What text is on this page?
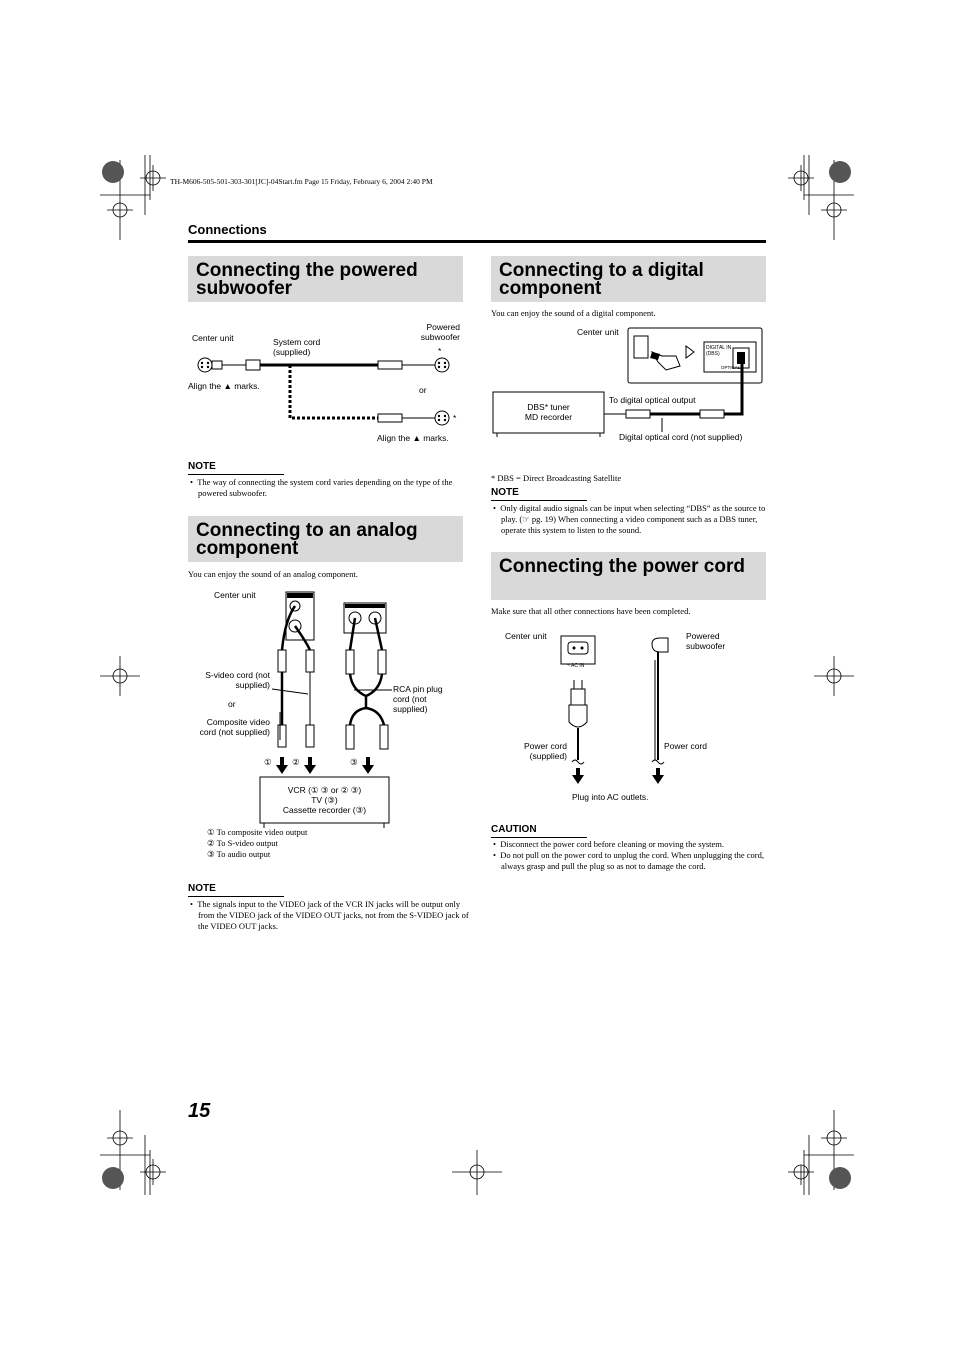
TH-M606-505-501-303-301[JC]-04Start.fm Page 15 Friday, February 6, 2004 2:40 PM
Connections
Connecting the powered subwoofer
Center unit	System cord (supplied)
Powered subwoofer
*
Align the ▲ marks.	or
*
Align the ▲ marks.
NOTE
•  The way of connecting the system cord varies depending on the type of the powered subwoofer.
Connecting to an analog component
You can enjoy the sound of an analog component.
Center unit
S-video cord (not supplied)
or
Composite video cord (not supplied)
RCA pin plug cord (not supplied)
① ②	③
VCR (① ③ or ② ③)
TV (③)
Cassette recorder (③)
① To composite video output
② To S-video output
③ To audio output
NOTE
•  The signals input to the VIDEO jack of the VCR IN jacks will be output only from the VIDEO jack of the VIDEO OUT jacks, not from the S-VIDEO jack of the VIDEO OUT jacks.
Connecting to a digital component
You can enjoy the sound of a digital component.
Center unit
DIGITAL IN (DBS)
OPTICAL
DBS* tuner
MD recorder
To digital optical output
Digital optical cord (not supplied)
* DBS = Direct Broadcasting Satellite
NOTE
•  Only digital audio signals can be input when selecting “DBS” as the source to play. (☞ pg. 19) When connecting a video component such as a DBS tuner, operate this system to listen to the sound.
Connecting the power cord
Make sure that all other connections have been completed.
Center unit
~ AC IN
Powered subwoofer
Power cord (supplied)
Power cord
Plug into AC outlets.
CAUTION
•  Disconnect the power cord before cleaning or moving the system.
•  Do not pull on the power cord to unplug the cord. When unplugging the cord, always grasp and pull the plug so as not to damage the cord.
15
